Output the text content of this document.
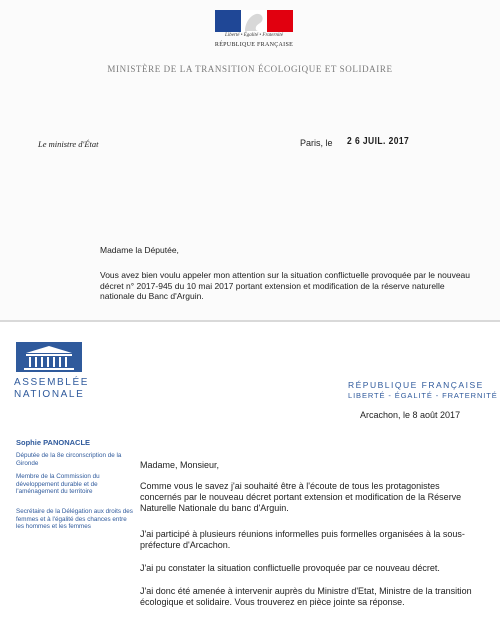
Liberté • Égalité • Fraternité
RÉPUBLIQUE FRANÇAISE
MINISTÈRE DE LA TRANSITION ÉCOLOGIQUE ET SOLIDAIRE
Le ministre d'État	Paris, le 2 6 JUIL. 2017
Madame la Députée,
Vous avez bien voulu appeler mon attention sur la situation conflictuelle provoquée par le nouveau décret n° 2017-945 du 10 mai 2017 portant extension et modification de la réserve naturelle nationale du Banc d'Arguin.
ASSEMBLÉE
NATIONALE
RÉPUBLIQUE FRANÇAISE
LIBERTÉ - ÉGALITÉ - FRATERNITÉ
Arcachon, le 8 août 2017
Sophie PANONACLE
Députée de la 8e circonscription de la Gironde
Membre de la Commission du développement durable et de l'aménagement du territoire
Secrétaire de la Délégation aux droits des femmes et à l'égalité des chances entre les hommes et les femmes
Madame, Monsieur,
Comme vous le savez j'ai souhaité être à l'écoute de tous les protagonistes concernés par le nouveau décret portant extension et modification de la Réserve Naturelle Nationale du banc d'Arguin.
J'ai participé à plusieurs réunions informelles puis formelles organisées à la sous-préfecture d'Arcachon.
J'ai pu constater la situation conflictuelle provoquée par ce nouveau décret.
J'ai donc été amenée à intervenir auprès du Ministre d'Etat, Ministre de la transition écologique et solidaire. Vous trouverez en pièce jointe sa réponse.
